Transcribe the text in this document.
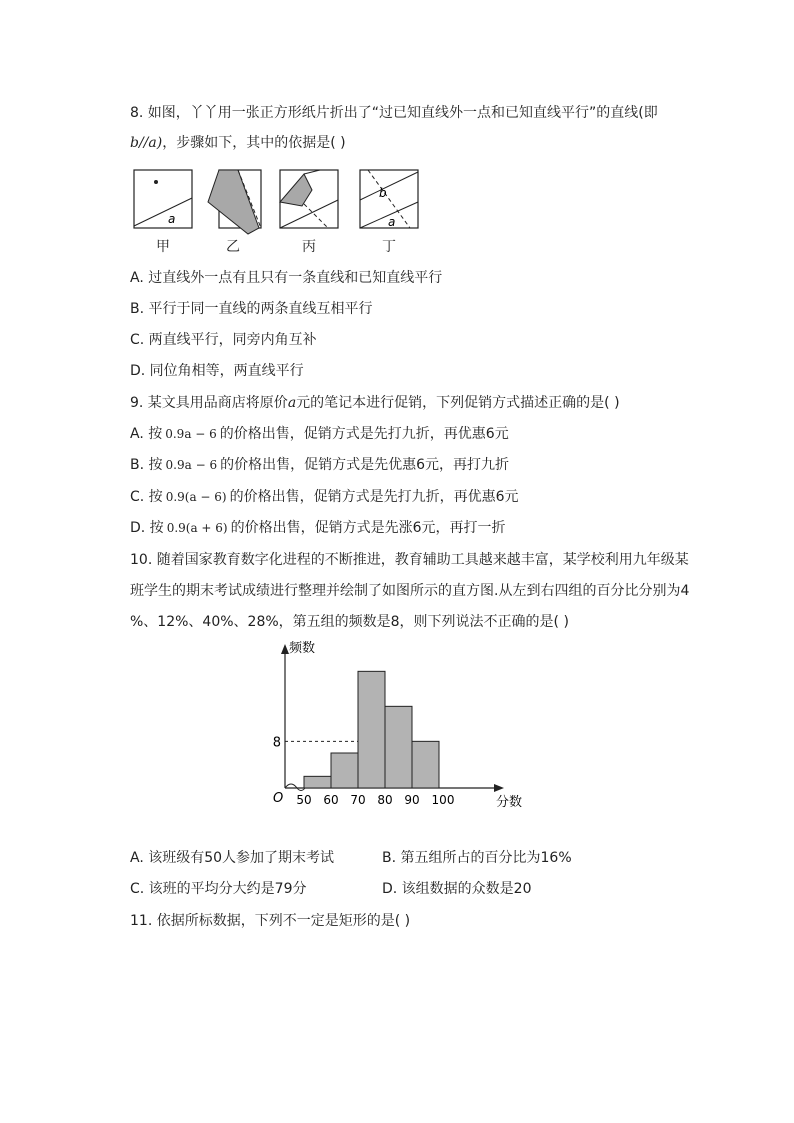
8. 如图，丫丫用一张正方形纸片折出了“过已知直线外一点和已知直线平行”的直线(即
b//a)，步骤如下，其中的依据是( )
a
b
a
甲	乙	丙	丁
A. 过直线外一点有且只有一条直线和已知直线平行
B. 平行于同一直线的两条直线互相平行
C. 两直线平行，同旁内角互补
D. 同位角相等，两直线平行
9. 某文具用品商店将原价a元的笔记本进行促销，下列促销方式描述正确的是( )
A. 按 0.9a − 6 的价格出售，促销方式是先打九折，再优惠6元
B. 按 0.9a − 6 的价格出售，促销方式是先优惠6元，再打九折
C. 按 0.9(a − 6) 的价格出售，促销方式是先打九折，再优惠6元
D. 按 0.9(a + 6) 的价格出售，促销方式是先涨6元，再打一折
10. 随着国家教育数字化进程的不断推进，教育辅助工具越来越丰富，某学校利用九年级某
班学生的期末考试成绩进行整理并绘制了如图所示的直方图.从左到右四组的百分比分别为4
%、12%、40%、28%，第五组的频数是8，则下列说法不正确的是( )
8
50 60 70 80 90 100
O
频数
分数
A. 该班级有50人参加了期末考试	B. 第五组所占的百分比为16%
C. 该班的平均分大约是79分	D. 该组数据的众数是20
11. 依据所标数据，下列不一定是矩形的是( )
